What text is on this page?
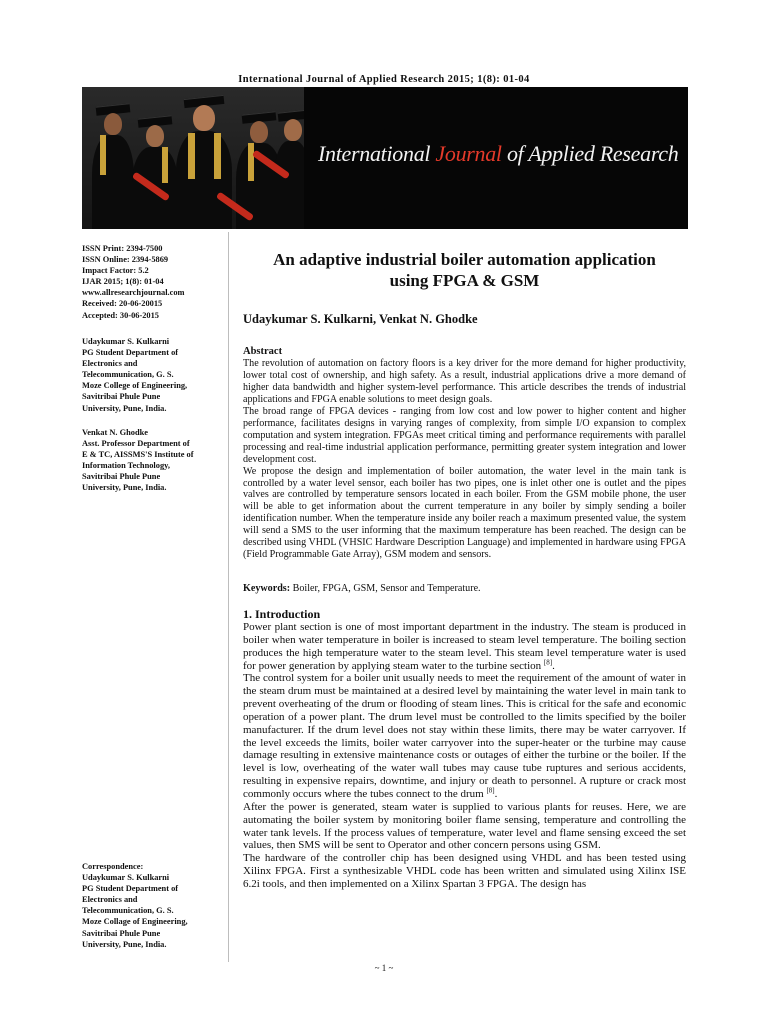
International Journal of Applied Research 2015; 1(8): 01-04
International Journal of Applied Research
ISSN Print: 2394-7500
ISSN Online: 2394-5869
Impact Factor: 5.2
IJAR 2015; 1(8): 01-04
www.allresearchjournal.com
Received: 20-06-20015
Accepted: 30-06-2015
Udaykumar S. Kulkarni
PG Student Department of
Electronics and
Telecommunication, G. S.
Moze College of Engineering,
Savitribai Phule Pune
University, Pune, India.
Venkat N. Ghodke
Asst. Professor Department of
E & TC, AISSMS'S Institute of
Information Technology,
Savitribai Phule Pune
University, Pune, India.
Correspondence:
Udaykumar S. Kulkarni
PG Student Department of
Electronics and
Telecommunication, G. S.
Moze Collage of Engineering,
Savitribai Phule Pune
University, Pune, India.
An adaptive industrial boiler automation application
using FPGA & GSM
Udaykumar S. Kulkarni, Venkat N. Ghodke
Abstract

The revolution of automation on factory floors is a key driver for the more demand for higher productivity, lower total cost of ownership, and high safety. As a result, industrial applications drive a more demand of higher data bandwidth and higher system-level performance. This article describes the trends of industrial applications and FPGA enable solutions to meet design goals.

The broad range of FPGA devices - ranging from low cost and low power to higher content and higher performance, facilitates designs in varying ranges of complexity, from simple I/O expansion to complex computation and system integration. FPGAs meet critical timing and performance requirements with parallel processing and real-time industrial application performance, permitting greater system integration and lower development cost.

We propose the design and implementation of boiler automation, the water level in the main tank is controlled by a water level sensor, each boiler has two pipes, one is inlet other one is outlet and the pipes valves are controlled by temperature sensors located in each boiler. From the GSM mobile phone, the user will be able to get information about the current temperature in any boiler by simply sending a boiler identification number. When the temperature inside any boiler reach a maximum presented value, the system will send a SMS to the user informing that the maximum temperature has been reached. The design can be described using VHDL (VHSIC Hardware Description Language) and implemented in hardware using FPGA (Field Programmable Gate Array), GSM modem and sensors.

Keywords: Boiler, FPGA, GSM, Sensor and Temperature.
1. Introduction

Power plant section is one of most important department in the industry. The steam is produced in boiler when water temperature in boiler is increased to steam level temperature. The boiling section produces the high temperature water to the steam level. This steam level temperature water is used for power generation by applying steam water to the turbine section [8].

The control system for a boiler unit usually needs to meet the requirement of the amount of water in the steam drum must be maintained at a desired level by maintaining the water level in main tank to prevent overheating of the drum or flooding of steam lines. This is critical for the safe and economic operation of a power plant. The drum level must be controlled to the limits specified by the boiler manufacturer. If the drum level does not stay within these limits, there may be water carryover. If the level exceeds the limits, boiler water carryover into the super-heater or the turbine may cause damage resulting in extensive maintenance costs or outages of either the turbine or the boiler. If the level is low, overheating of the water wall tubes may cause tube ruptures and serious accidents, resulting in expensive repairs, downtime, and injury or death to personnel. A rupture or crack most commonly occurs where the tubes connect to the drum [8].

After the power is generated, steam water is supplied to various plants for reuses. Here, we are automating the boiler system by monitoring boiler flame sensing, temperature and controlling the water tank levels. If the process values of temperature, water level and flame sensing exceed the set values, then SMS will be sent to Operator and other concern persons using GSM.

The hardware of the controller chip has been designed using VHDL and has been tested using Xilinx FPGA. First a synthesizable VHDL code has been written and simulated using Xilinx ISE 6.2i tools, and then implemented on a Xilinx Spartan 3 FPGA. The design has

~ 1 ~
